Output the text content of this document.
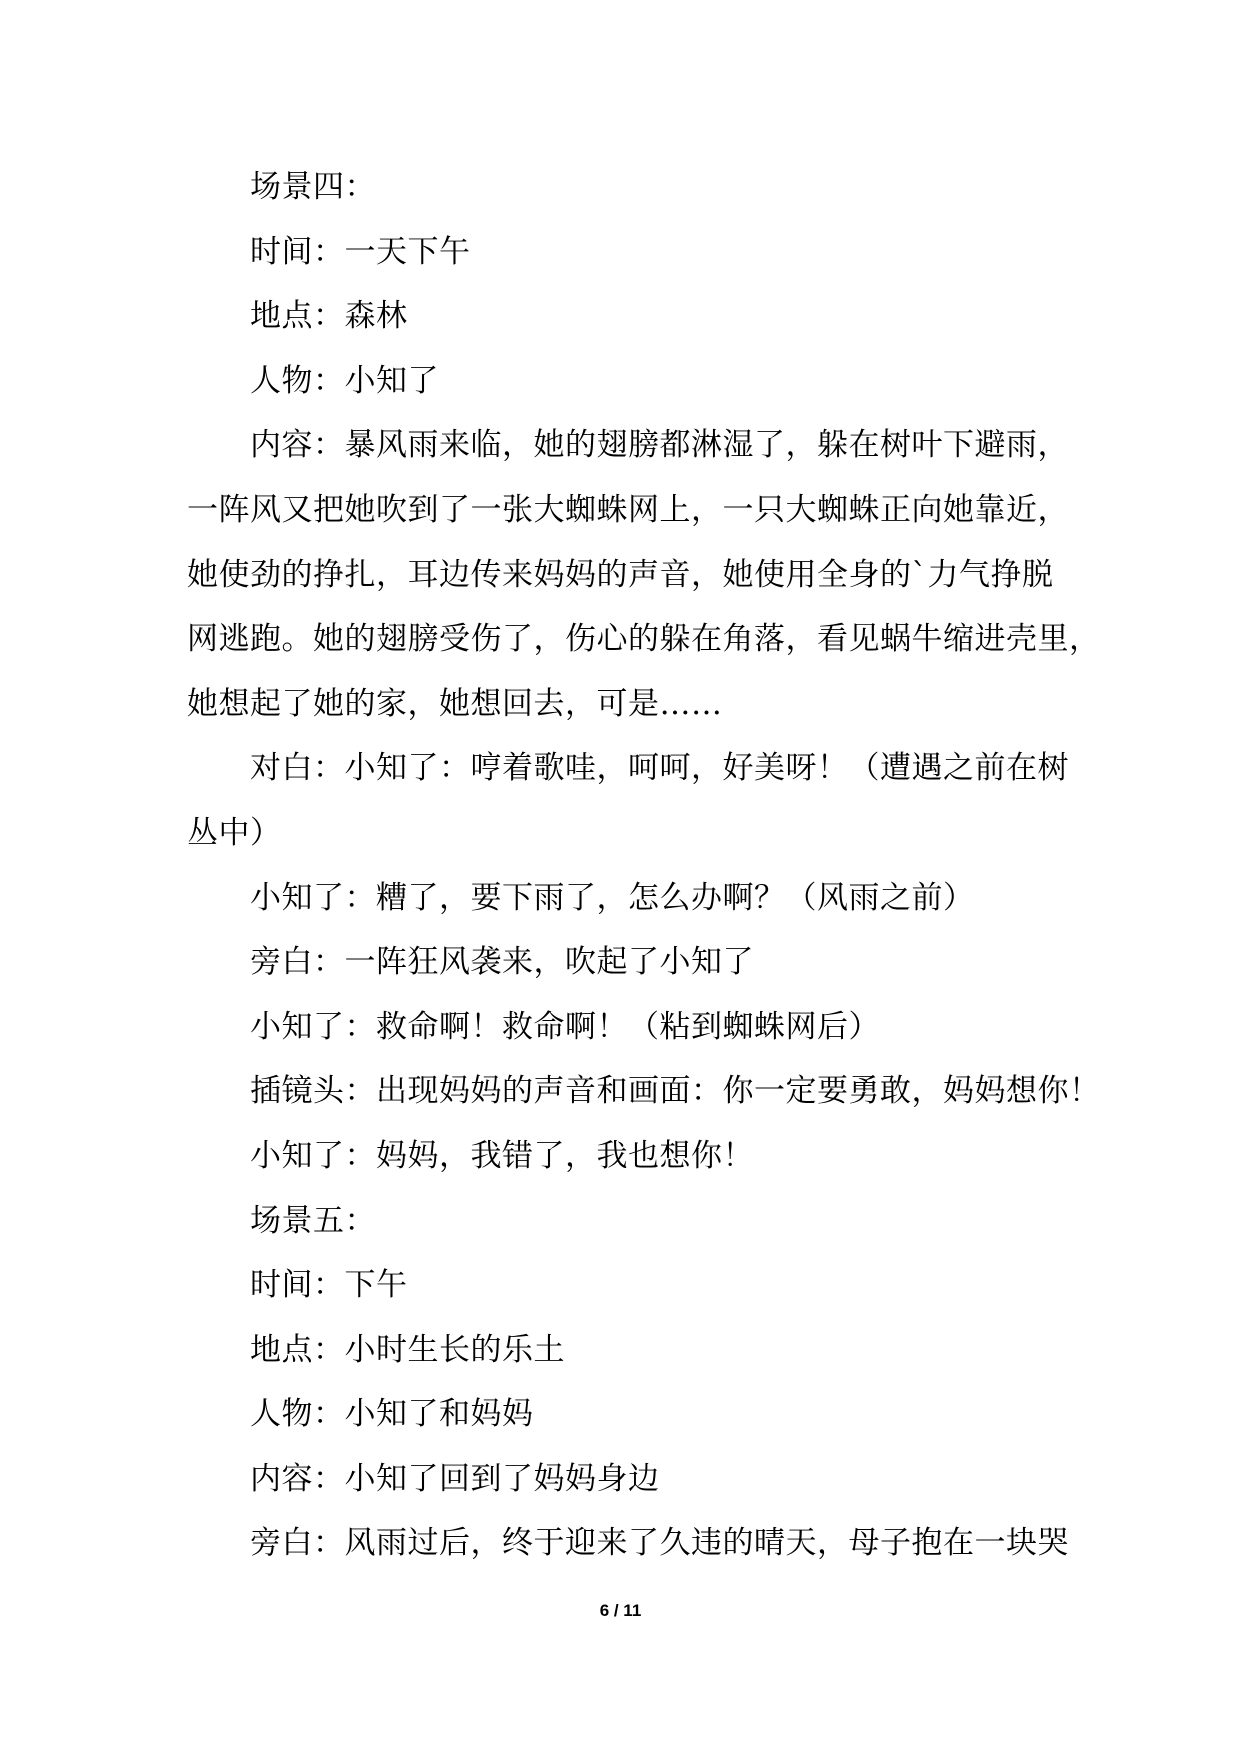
场景四：
时间：一天下午
地点：森林
人物：小知了
内容：暴风雨来临，她的翅膀都淋湿了，躲在树叶下避雨，
一阵风又把她吹到了一张大蜘蛛网上，一只大蜘蛛正向她靠近，
她使劲的挣扎，耳边传来妈妈的声音，她使用全身的`力气挣脱
网逃跑。她的翅膀受伤了，伤心的躲在角落，看见蜗牛缩进壳里，
她想起了她的家，她想回去，可是……
对白：小知了：哼着歌哇，呵呵，好美呀！（遭遇之前在树
丛中）
小知了：糟了，要下雨了，怎么办啊？（风雨之前）
旁白：一阵狂风袭来，吹起了小知了
小知了：救命啊！救命啊！（粘到蜘蛛网后）
插镜头：出现妈妈的声音和画面：你一定要勇敢，妈妈想你！
小知了：妈妈，我错了，我也想你！
场景五：
时间：下午
地点：小时生长的乐土
人物：小知了和妈妈
内容：小知了回到了妈妈身边
旁白：风雨过后，终于迎来了久违的晴天，母子抱在一块哭
6 / 11
